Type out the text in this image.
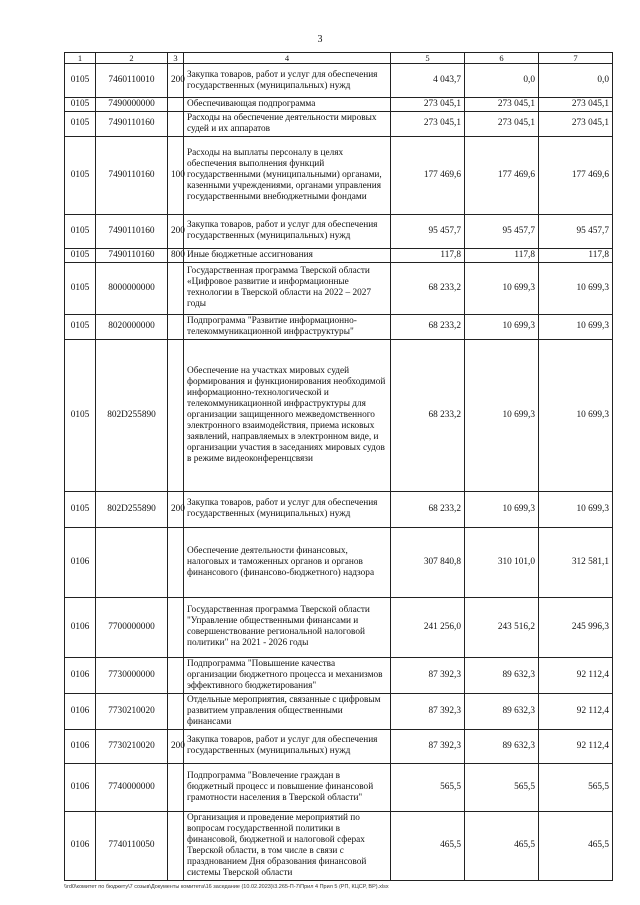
3
1	2	3	4	5	6	7
0105	7460110010	200	Закупка товаров, работ и услуг для обеспечения государственных (муниципальных) нужд	4 043,7	0,0	0,0
0105	7490000000		Обеспечивающая подпрограмма	273 045,1	273 045,1	273 045,1
0105	7490110160		Расходы на обеспечение деятельности мировых судей и их аппаратов	273 045,1	273 045,1	273 045,1
0105	7490110160	100	Расходы на выплаты персоналу в целях обеспечения выполнения функций государственными (муниципальными) органами, казенными учреждениями, органами управления государственными внебюджетными фондами	177 469,6	177 469,6	177 469,6
0105	7490110160	200	Закупка товаров, работ и услуг для обеспечения государственных (муниципальных) нужд	95 457,7	95 457,7	95 457,7
0105	7490110160	800	Иные бюджетные ассигнования	117,8	117,8	117,8
0105	8000000000		Государственная программа Тверской области «Цифровое развитие и информационные технологии в Тверской области на 2022 – 2027 годы	68 233,2	10 699,3	10 699,3
0105	8020000000		Подпрограмма "Развитие информационно-телекоммуникационной инфраструктуры"	68 233,2	10 699,3	10 699,3
0105	802D255890		Обеспечение на участках мировых судей формирования и функционирования необходимой информационно-технологической и телекоммуникационной инфраструктуры для организации защищенного межведомственного электронного взаимодействия, приема исковых заявлений, направляемых в электронном виде, и организации участия в заседаниях мировых судов в режиме видеоконференцсвязи	68 233,2	10 699,3	10 699,3
0105	802D255890	200	Закупка товаров, работ и услуг для обеспечения государственных (муниципальных) нужд	68 233,2	10 699,3	10 699,3
0106			Обеспечение деятельности финансовых, налоговых и таможенных органов и органов финансового (финансово-бюджетного) надзора	307 840,8	310 101,0	312 581,1
0106	7700000000		Государственная программа Тверской области "Управление общественными финансами и совершенствование региональной налоговой политики" на 2021 - 2026 годы	241 256,0	243 516,2	245 996,3
0106	7730000000		Подпрограмма "Повышение качества организации бюджетного процесса и механизмов эффективного бюджетирования"	87 392,3	89 632,3	92 112,4
0106	7730210020		Отдельные мероприятия, связанные с цифровым развитием управления общественными финансами	87 392,3	89 632,3	92 112,4
0106	7730210020	200	Закупка товаров, работ и услуг для обеспечения государственных (муниципальных) нужд	87 392,3	89 632,3	92 112,4
0106	7740000000		Подпрограмма "Вовлечение граждан в бюджетный процесс и повышение финансовой грамотности населения в Тверской области"	565,5	565,5	565,5
0106	7740110050		Организация и проведение мероприятий по вопросам государственной политики в финансовой, бюджетной и налоговой сферах Тверской области, в том числе в связи с празднованием Дня образования финансовой системы Тверской области	465,5	465,5	465,5
\\rd0\комитет по бюджету\7 созыв\Документы комитета\16 заседание (10.02.2023)\3.265-П-7\Прил 4 Прил 5 (РП, КЦСР, ВР).xlsx
